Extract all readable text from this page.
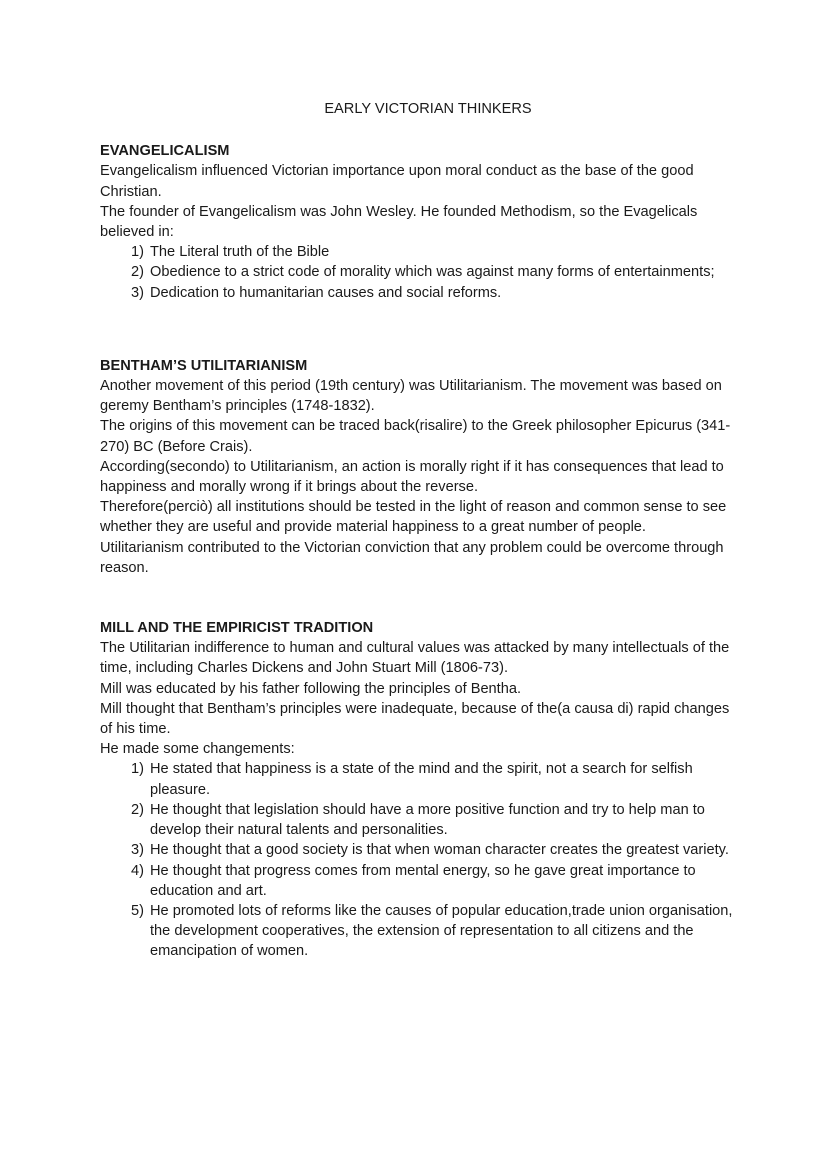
EARLY VICTORIAN THINKERS

EVANGELICALISM

Evangelicalism influenced Victorian importance upon moral conduct as the base of the good Christian.

The founder of Evangelicalism was John Wesley. He founded Methodism, so the Evagelicals believed in:

1) The Literal truth of the Bible
2) Obedience to a strict code of morality which was against many forms of entertainments;
3) Dedication to humanitarian causes and social reforms.

BENTHAM’S UTILITARIANISM

Another movement of this period (19th century) was Utilitarianism. The movement was based on geremy Bentham’s principles (1748-1832).

The origins of this movement can be traced back(risalire) to the Greek philosopher Epicurus (341-270) BC (Before Crais).

According(secondo) to Utilitarianism, an action is morally right if it has consequences that lead to happiness and morally wrong if it brings about the reverse.

Therefore(perciò) all institutions should be tested in the light of reason and common sense to see whether they are useful and provide material happiness to a great number of people.

Utilitarianism contributed to the Victorian conviction that any problem could be overcome through reason.

MILL AND THE EMPIRICIST TRADITION

The Utilitarian indifference to human and cultural values was attacked by many intellectuals of the time, including Charles Dickens and John Stuart Mill (1806-73).

Mill was educated by his father following the principles of Bentha.

Mill thought that Bentham’s principles were inadequate, because of the(a causa di) rapid changes of his time.

He made some changements:

1) He stated that happiness is a state of the mind and the spirit, not a search for selfish pleasure.
2) He thought that legislation should have a more positive function and try to help man to develop their natural talents and personalities.
3) He thought that a good society is that when woman character creates the greatest variety.
4) He thought that progress comes from mental energy, so he gave great importance to education and art.
5) He promoted lots of reforms like the causes of popular education,trade union organisation, the development cooperatives, the extension of representation to all citizens and the emancipation of women.
